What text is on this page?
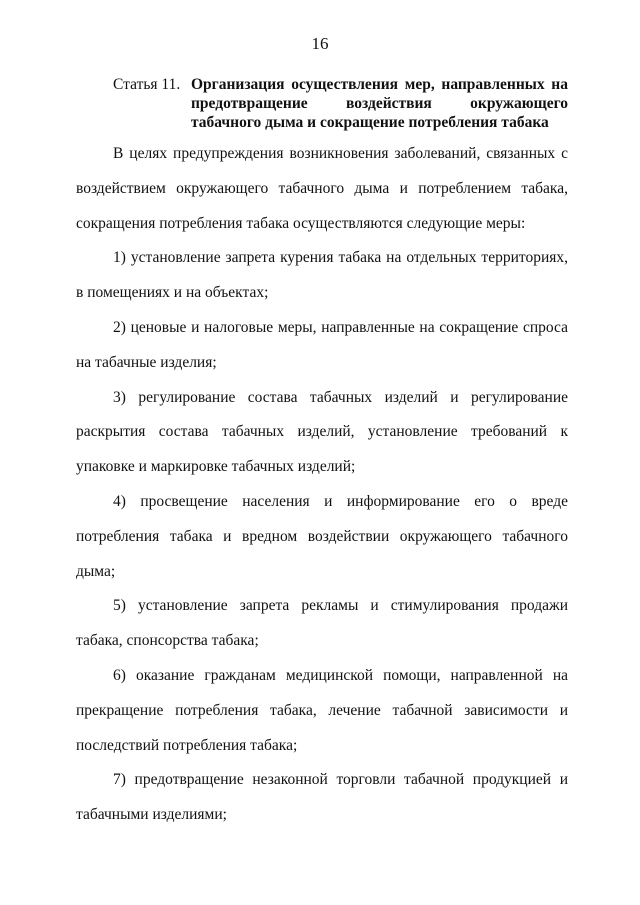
16
Статья 11. Организация осуществления мер, направленных на предотвращение воздействия окружающего табачного дыма и сокращение потребления табака

В целях предупреждения возникновения заболеваний, связанных с воздействием окружающего табачного дыма и потреблением табака, сокращения потребления табака осуществляются следующие меры:

1) установление запрета курения табака на отдельных территориях, в помещениях и на объектах;

2) ценовые и налоговые меры, направленные на сокращение спроса на табачные изделия;

3) регулирование состава табачных изделий и регулирование раскрытия состава табачных изделий, установление требований к упаковке и маркировке табачных изделий;

4) просвещение населения и информирование его о вреде потребления табака и вредном воздействии окружающего табачного дыма;

5) установление запрета рекламы и стимулирования продажи табака, спонсорства табака;

6) оказание гражданам медицинской помощи, направленной на прекращение потребления табака, лечение табачной зависимости и последствий потребления табака;

7) предотвращение незаконной торговли табачной продукцией и табачными изделиями;
